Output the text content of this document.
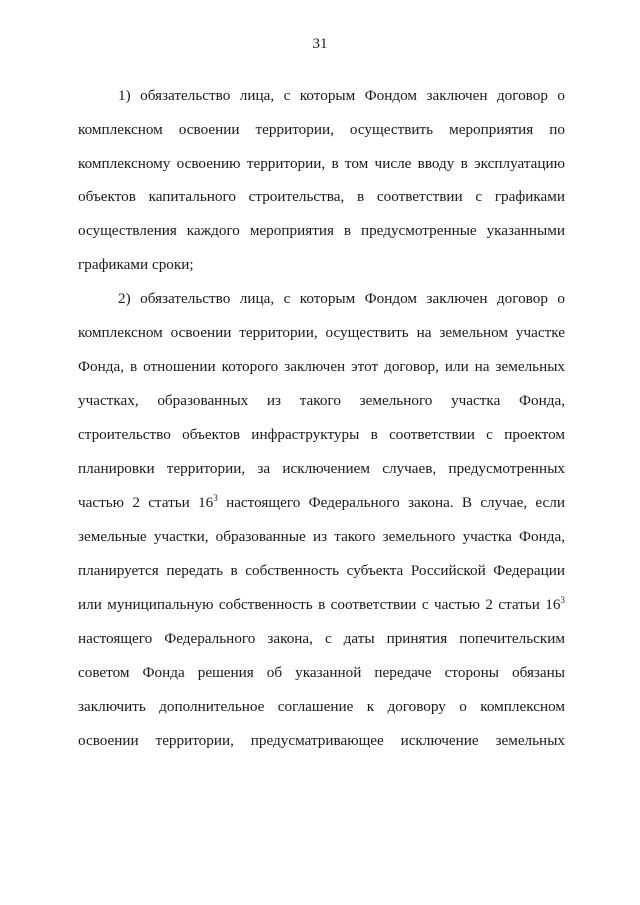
31
1) обязательство лица, с которым Фондом заключен договор о
комплексном освоении территории, осуществить мероприятия по
комплексному освоению территории, в том числе вводу в эксплуатацию
объектов капитального строительства, в соответствии с графиками
осуществления каждого мероприятия в предусмотренные указанными
графиками сроки;
2) обязательство лица, с которым Фондом заключен договор о
комплексном освоении территории, осуществить на земельном участке
Фонда, в отношении которого заключен этот договор, или на земельных
участках, образованных из такого земельного участка Фонда,
строительство объектов инфраструктуры в соответствии с проектом
планировки территории, за исключением случаев, предусмотренных
частью 2 статьи $16^3$ настоящего Федерального закона. В случае, если
земельные участки, образованные из такого земельного участка Фонда,
планируется передать в собственность субъекта Российской Федерации
или муниципальную собственность в соответствии с частью 2 статьи $16^3$
настоящего Федерального закона, с даты принятия попечительским
советом Фонда решения об указанной передаче стороны обязаны
заключить дополнительное соглашение к договору о комплексном
освоении территории, предусматривающее исключение земельных
